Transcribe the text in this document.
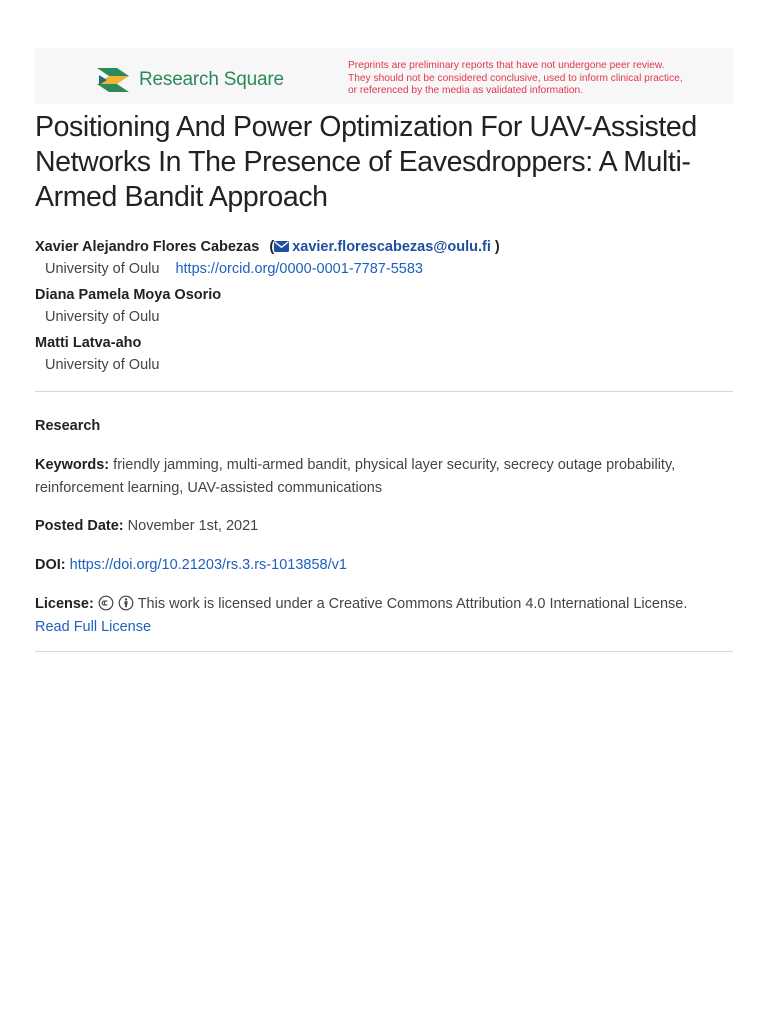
Research Square
Preprints are preliminary reports that have not undergone peer review.
They should not be considered conclusive, used to inform clinical practice,
or referenced by the media as validated information.
Positioning And Power Optimization For UAV-Assisted Networks In The Presence of Eavesdroppers: A Multi-Armed Bandit Approach
Xavier Alejandro Flores Cabezas ( xavier.florescabezas@oulu.fi )
University of Oulu https://orcid.org/0000-0001-7787-5583
Diana Pamela Moya Osorio
University of Oulu
Matti Latva-aho
University of Oulu
Research
Keywords: friendly jamming, multi-armed bandit, physical layer security, secrecy outage probability, reinforcement learning, UAV-assisted communications
Posted Date: November 1st, 2021
DOI: https://doi.org/10.21203/rs.3.rs-1013858/v1
License:	This work is licensed under a Creative Commons Attribution 4.0 International License.
Read Full License
